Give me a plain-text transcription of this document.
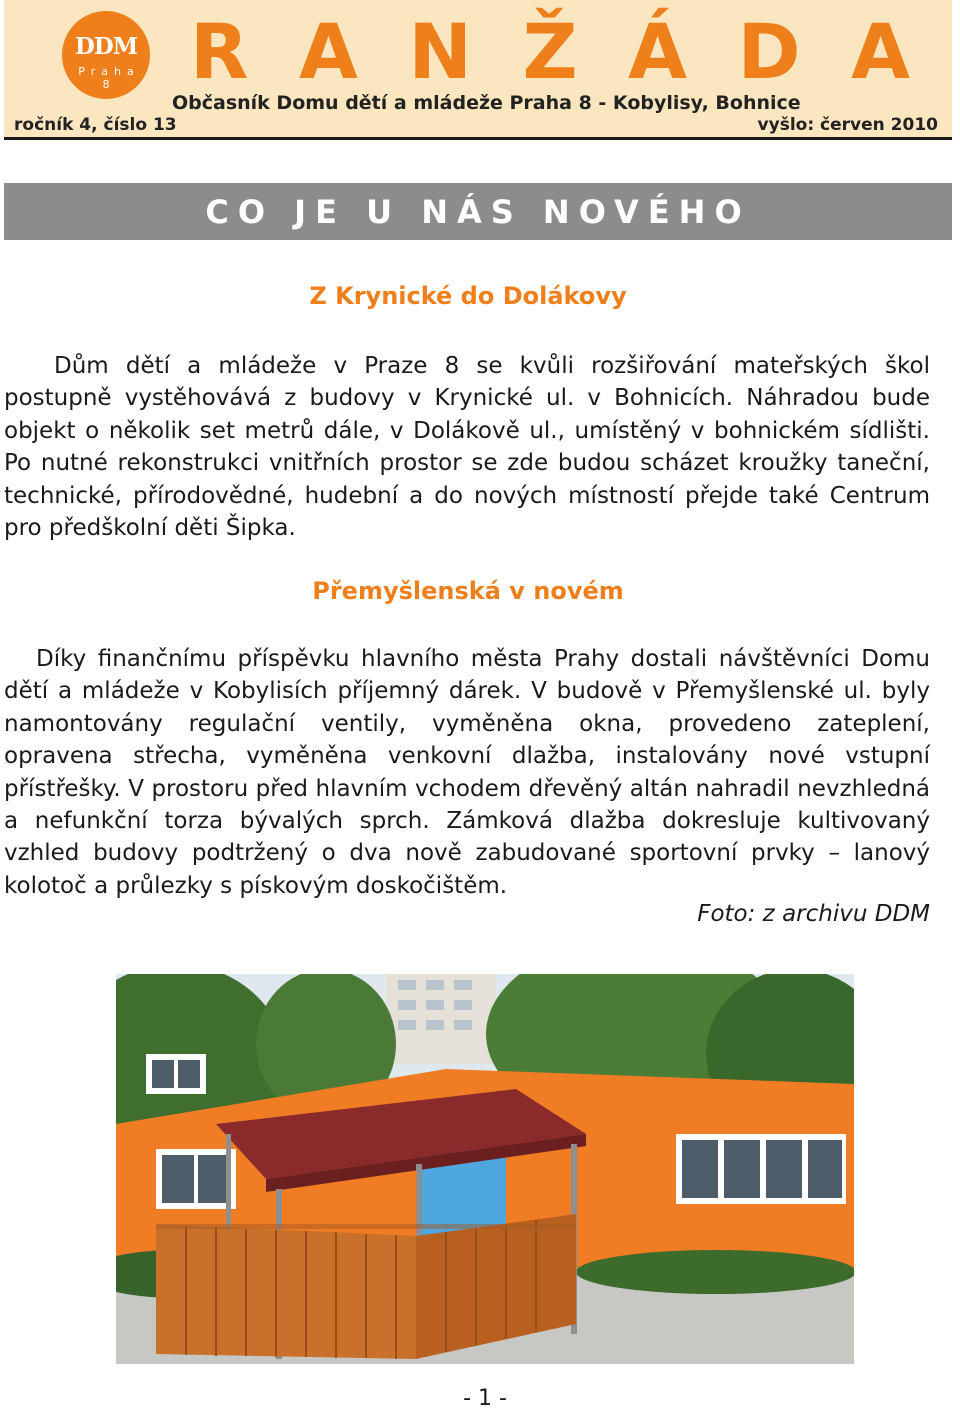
DDM
Praha 8 R A N Ž Á D A
Občasník Domu dětí a mládeže Praha 8 - Kobylisy, Bohnice
ročník 4, číslo 13	vyšlo: červen 2010
CO JE U NÁS NOVÉHO
Z Krynické do Dolákovy

Dům dětí a mládeže v Praze 8 se kvůli rozšiřování mateřských škol postupně vystěhovává z budovy v Krynické ul. v Bohnicích. Náhradou bude objekt o několik set metrů dále, v Dolákově ul., umístěný v bohnickém sídlišti. Po nutné rekonstrukci vnitřních prostor se zde budou scházet kroužky taneční, technické, přírodovědné, hudební a do nových místností přejde také Centrum pro předškolní děti Šipka.

Přemyšlenská v novém

Díky finančnímu příspěvku hlavního města Prahy dostali návštěvníci Domu dětí a mládeže v Kobylisích příjemný dárek. V budově v Přemyšlenské ul. byly namontovány regulační ventily, vyměněna okna, provedeno zateplení, opravena střecha, vyměněna venkovní dlažba, instalovány nové vstupní přístřešky. V prostoru před hlavním vchodem dřevěný altán nahradil nevzhledná a nefunkční torza bývalých sprch. Zámková dlažba dokresluje kultivovaný vzhled budovy podtržený o dva nově zabudované sportovní prvky – lanový kolotoč a průlezky s pískovým doskočištěm.

Foto: z archivu DDM
- 1 -
